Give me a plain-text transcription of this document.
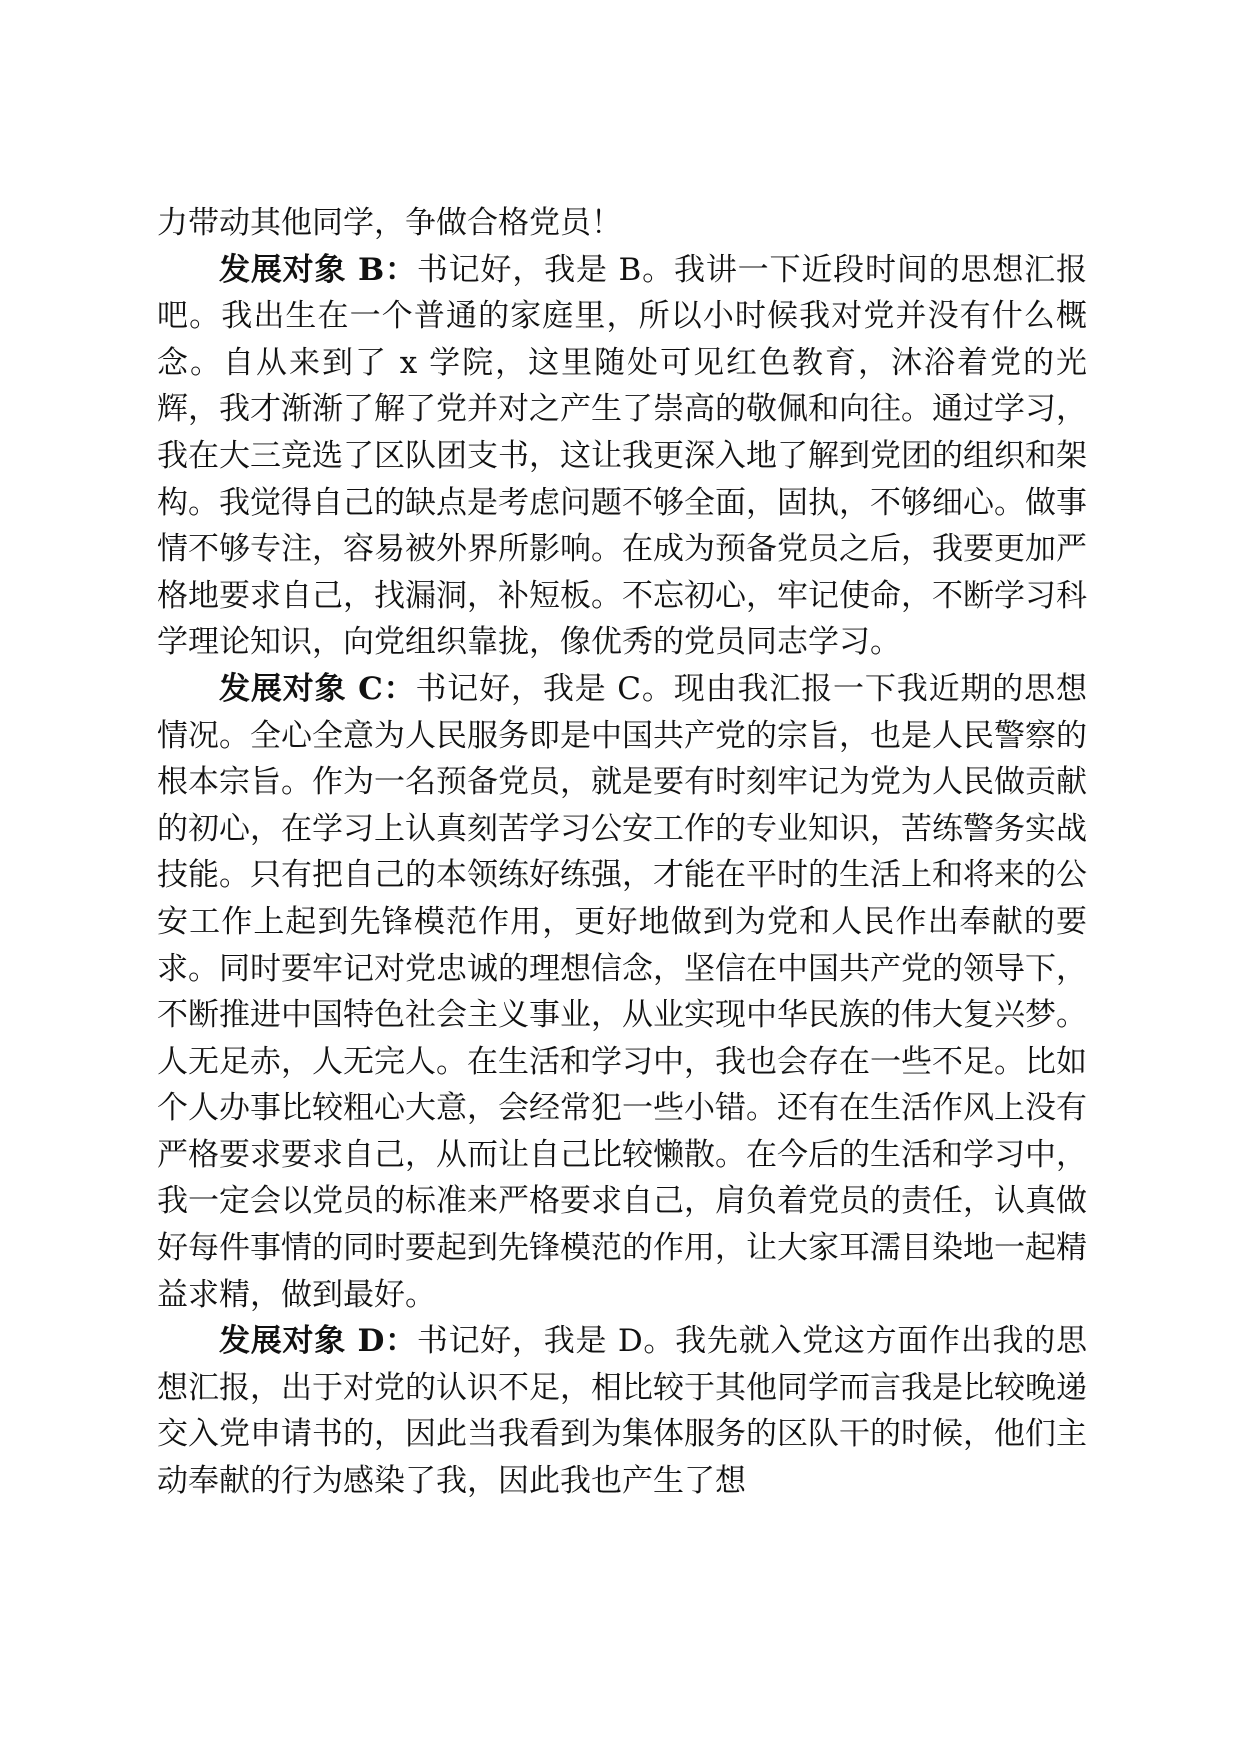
力带动其他同学，争做合格党员！

发展对象 B：书记好，我是 B。我讲一下近段时间的思想汇报吧。我出生在一个普通的家庭里，所以小时候我对党并没有什么概念。自从来到了 x 学院，这里随处可见红色教育，沐浴着党的光辉，我才渐渐了解了党并对之产生了崇高的敬佩和向往。通过学习，我在大三竞选了区队团支书，这让我更深入地了解到党团的组织和架构。我觉得自己的缺点是考虑问题不够全面，固执，不够细心。做事情不够专注，容易被外界所影响。在成为预备党员之后，我要更加严格地要求自己，找漏洞，补短板。不忘初心，牢记使命，不断学习科学理论知识，向党组织靠拢，像优秀的党员同志学习。

发展对象 C：书记好，我是 C。现由我汇报一下我近期的思想情况。全心全意为人民服务即是中国共产党的宗旨，也是人民警察的根本宗旨。作为一名预备党员，就是要有时刻牢记为党为人民做贡献的初心，在学习上认真刻苦学习公安工作的专业知识，苦练警务实战技能。只有把自己的本领练好练强，才能在平时的生活上和将来的公安工作上起到先锋模范作用，更好地做到为党和人民作出奉献的要求。同时要牢记对党忠诚的理想信念，坚信在中国共产党的领导下，不断推进中国特色社会主义事业，从业实现中华民族的伟大复兴梦。人无足赤，人无完人。在生活和学习中，我也会存在一些不足。比如个人办事比较粗心大意，会经常犯一些小错。还有在生活作风上没有严格要求要求自己，从而让自己比较懒散。在今后的生活和学习中，我一定会以党员的标准来严格要求自己，肩负着党员的责任，认真做好每件事情的同时要起到先锋模范的作用，让大家耳濡目染地一起精益求精，做到最好。

发展对象 D：书记好，我是 D。我先就入党这方面作出我的思想汇报，出于对党的认识不足，相比较于其他同学而言我是比较晚递交入党申请书的，因此当我看到为集体服务的区队干的时候，他们主动奉献的行为感染了我，因此我也产生了想
